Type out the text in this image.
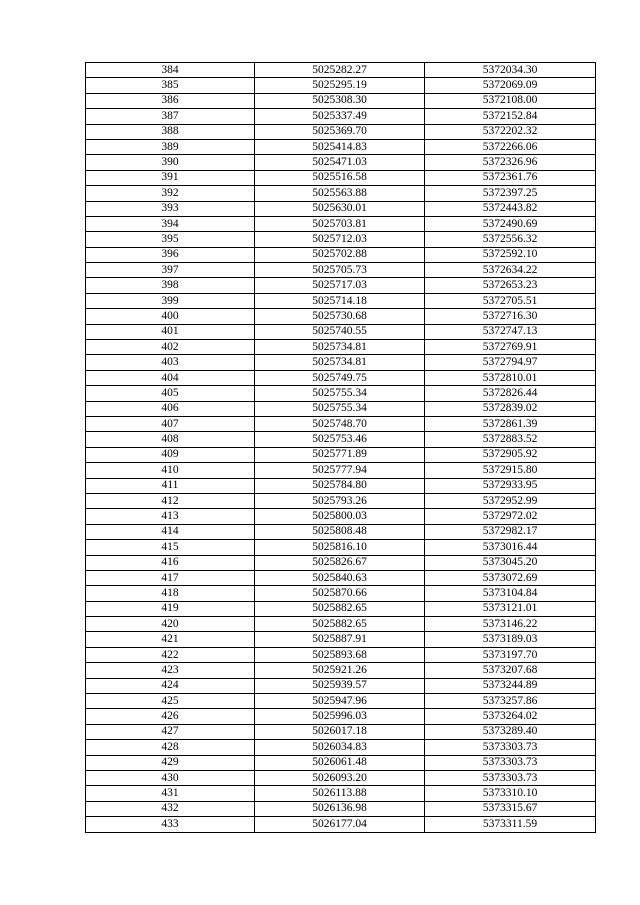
384	5025282.27	5372034.30
385	5025295.19	5372069.09
386	5025308.30	5372108.00
387	5025337.49	5372152.84
388	5025369.70	5372202.32
389	5025414.83	5372266.06
390	5025471.03	5372326.96
391	5025516.58	5372361.76
392	5025563.88	5372397.25
393	5025630.01	5372443.82
394	5025703.81	5372490.69
395	5025712.03	5372556.32
396	5025702.88	5372592.10
397	5025705.73	5372634.22
398	5025717.03	5372653.23
399	5025714.18	5372705.51
400	5025730.68	5372716.30
401	5025740.55	5372747.13
402	5025734.81	5372769.91
403	5025734.81	5372794.97
404	5025749.75	5372810.01
405	5025755.34	5372826.44
406	5025755.34	5372839.02
407	5025748.70	5372861.39
408	5025753.46	5372883.52
409	5025771.89	5372905.92
410	5025777.94	5372915.80
411	5025784.80	5372933.95
412	5025793.26	5372952.99
413	5025800.03	5372972.02
414	5025808.48	5372982.17
415	5025816.10	5373016.44
416	5025826.67	5373045.20
417	5025840.63	5373072.69
418	5025870.66	5373104.84
419	5025882.65	5373121.01
420	5025882.65	5373146.22
421	5025887.91	5373189.03
422	5025893.68	5373197.70
423	5025921.26	5373207.68
424	5025939.57	5373244.89
425	5025947.96	5373257.86
426	5025996.03	5373264.02
427	5026017.18	5373289.40
428	5026034.83	5373303.73
429	5026061.48	5373303.73
430	5026093.20	5373303.73
431	5026113.88	5373310.10
432	5026136.98	5373315.67
433	5026177.04	5373311.59
